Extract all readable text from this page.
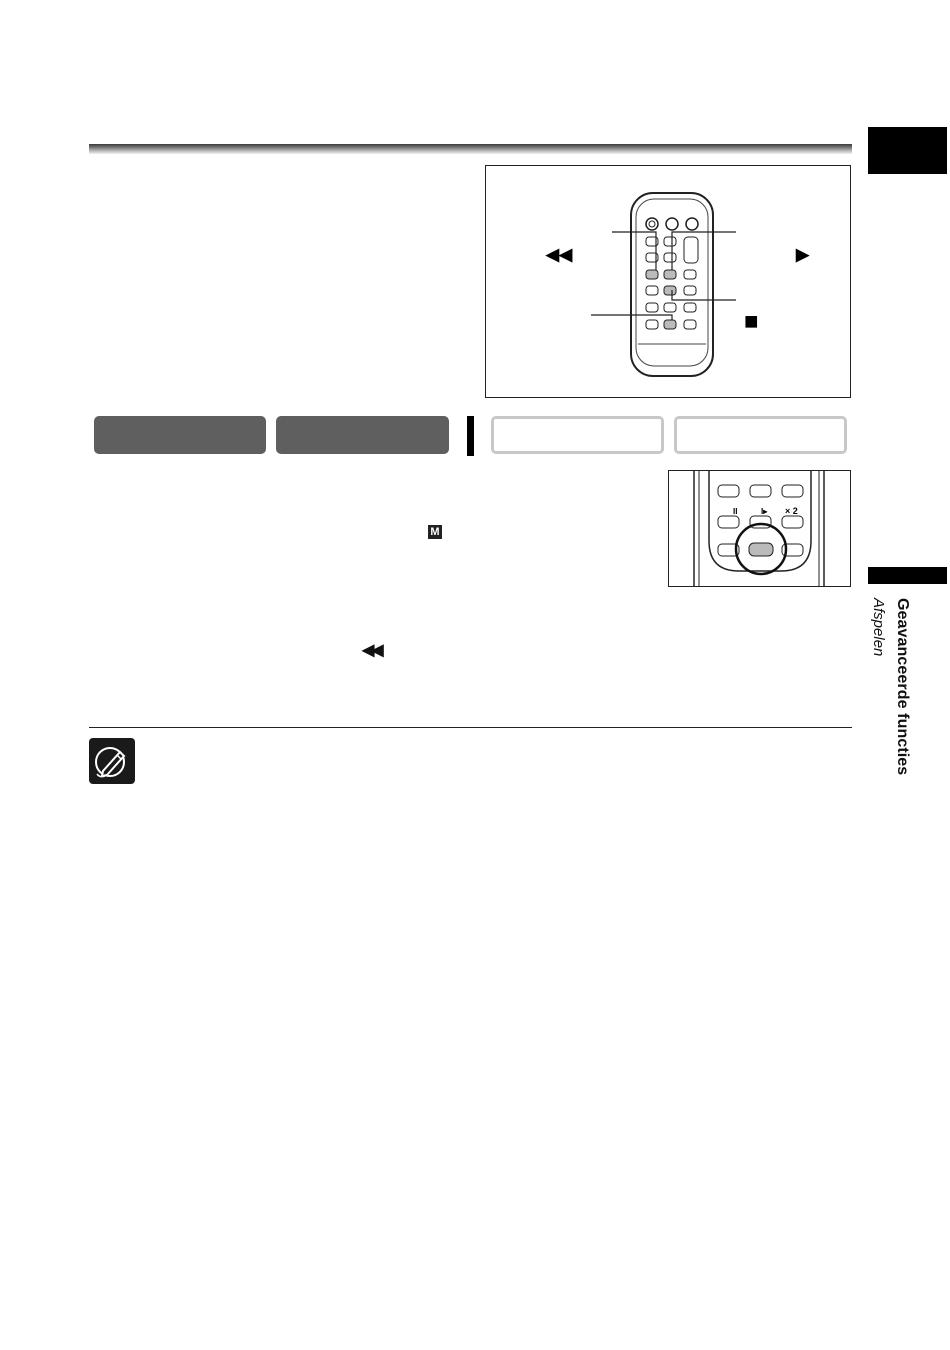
◀◀	▶
■
II	I▸ × 2
M
◀◀	Geavanceerde functies
Afspelen
